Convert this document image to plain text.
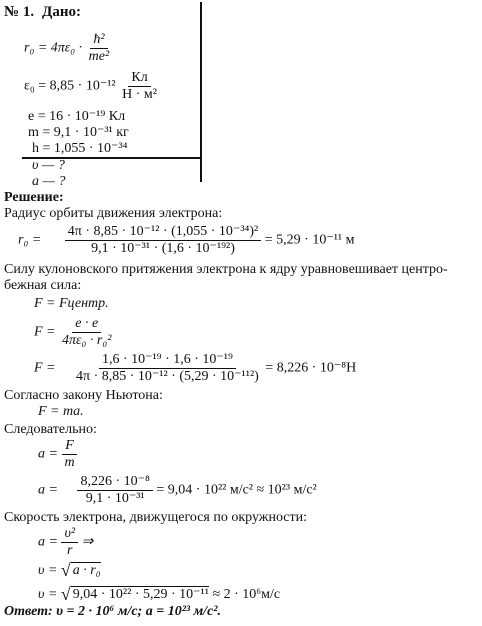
№ 1. Дано:
$r_0 = 4\pi\varepsilon_0 \cdot \frac{\text{ħ²}}{\text{me²}}$
$\varepsilon_0 = 8,85 \cdot 10^{-12} \frac{Кл}{\text{Н · м²}}$
e = 16 · 10⁻¹⁹ Кл
m = 9,1 · 10⁻³¹ кг
h = 1,055 · 10⁻³⁴
υ — ?
a — ?
Решение:
Радиус орбиты движения электрона:
$r_0 = \frac{\text{4π · 8,85 · 10⁻¹² · (1,055 · 10⁻³⁴)²}}{\text{9,1 · 10⁻³¹ · (1,6 · 10⁻¹⁹²)}} = 5,29 \cdot 10^{-11}$ м
Силу кулоновского притяжения электрона к ядру уравновешивает центро-
бежная сила:
F = Fцентр.
$F = \frac{e \cdot e}{\text{4πε₀ · r₀²}}$
$F = \frac{\text{1,6 · 10⁻¹⁹ · 1,6 · 10⁻¹⁹}}{\text{4π · 8,85 · 10⁻¹² · (5,29 · 10⁻¹¹²)}} = 8,226 \cdot 10^{-8}Н$
Согласно закону Ньютона:
F = ma.
Следовательно:
$a = \frac{F}{m}$
$a = \frac{\text{8,226 · 10⁻⁸}}{\text{9,1 · 10⁻³¹}} = 9,04 \cdot 10^{22}$ м/с² ≈ 10²³ м/с²
Скорость электрона, движущегося по окружности:
$a = \frac{\text{υ²}}{r}$ ⇒
υ = √ a · r₀
υ = √ 9,04 · 10²² · 5,29 · 10⁻¹¹ ≈ 2 · 10⁶м/с
Ответ: υ = 2 · 10⁶ м/с; a = 10²³ м/с².
